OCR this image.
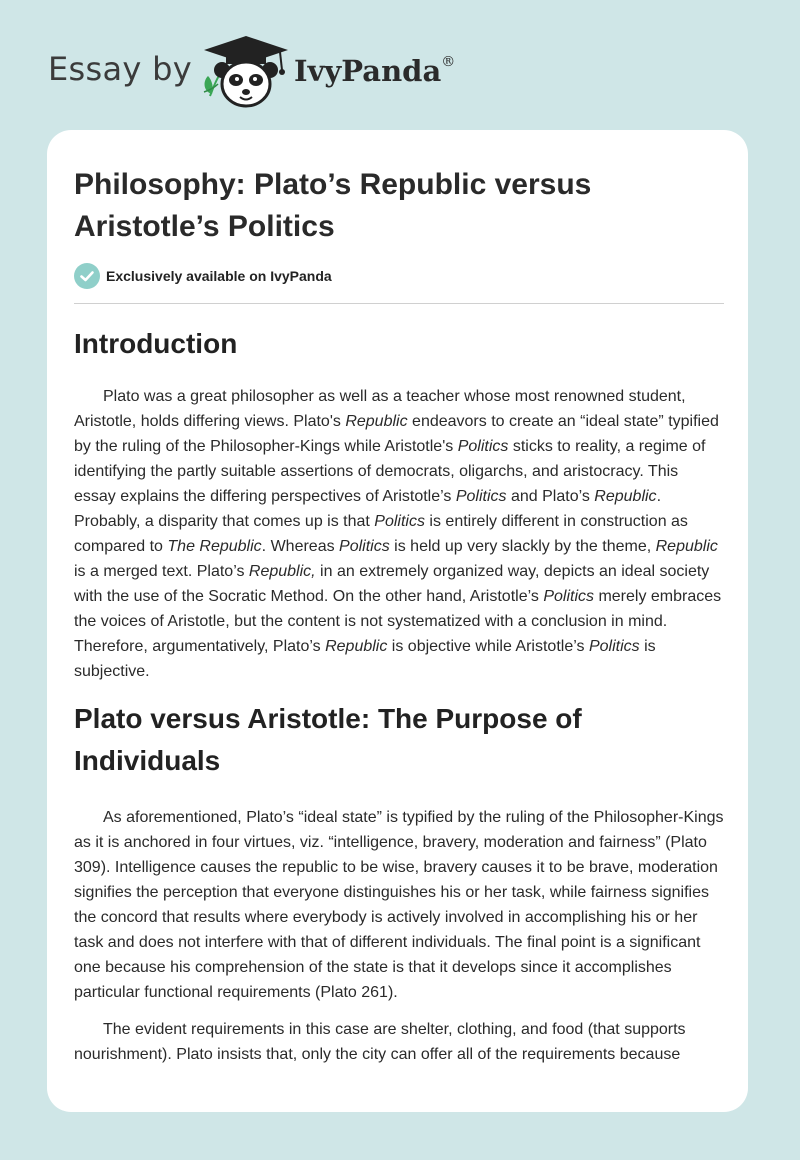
Essay by	IvyPanda®
Philosophy: Plato’s Republic versus Aristotle’s Politics
Exclusively available on IvyPanda
Introduction

Plato was a great philosopher as well as a teacher whose most renowned student, Aristotle, holds differing views. Plato's Republic endeavors to create an “ideal state” typified by the ruling of the Philosopher-Kings while Aristotle's Politics sticks to reality, a regime of identifying the partly suitable assertions of democrats, oligarchs, and aristocracy. This essay explains the differing perspectives of Aristotle’s Politics and Plato’s Republic. Probably, a disparity that comes up is that Politics is entirely different in construction as compared to The Republic. Whereas Politics is held up very slackly by the theme, Republic is a merged text. Plato’s Republic, in an extremely organized way, depicts an ideal society with the use of the Socratic Method. On the other hand, Aristotle’s Politics merely embraces the voices of Aristotle, but the content is not systematized with a conclusion in mind. Therefore, argumentatively, Plato’s Republic is objective while Aristotle’s Politics is subjective.

Plato versus Aristotle: The Purpose of Individuals

As aforementioned, Plato’s “ideal state” is typified by the ruling of the Philosopher-Kings as it is anchored in four virtues, viz. “intelligence, bravery, moderation and fairness” (Plato 309). Intelligence causes the republic to be wise, bravery causes it to be brave, moderation signifies the perception that everyone distinguishes his or her task, while fairness signifies the concord that results where everybody is actively involved in accomplishing his or her task and does not interfere with that of different individuals. The final point is a significant one because his comprehension of the state is that it develops since it accomplishes particular functional requirements (Plato 261).

The evident requirements in this case are shelter, clothing, and food (that supports nourishment). Plato insists that, only the city can offer all of the requirements because
